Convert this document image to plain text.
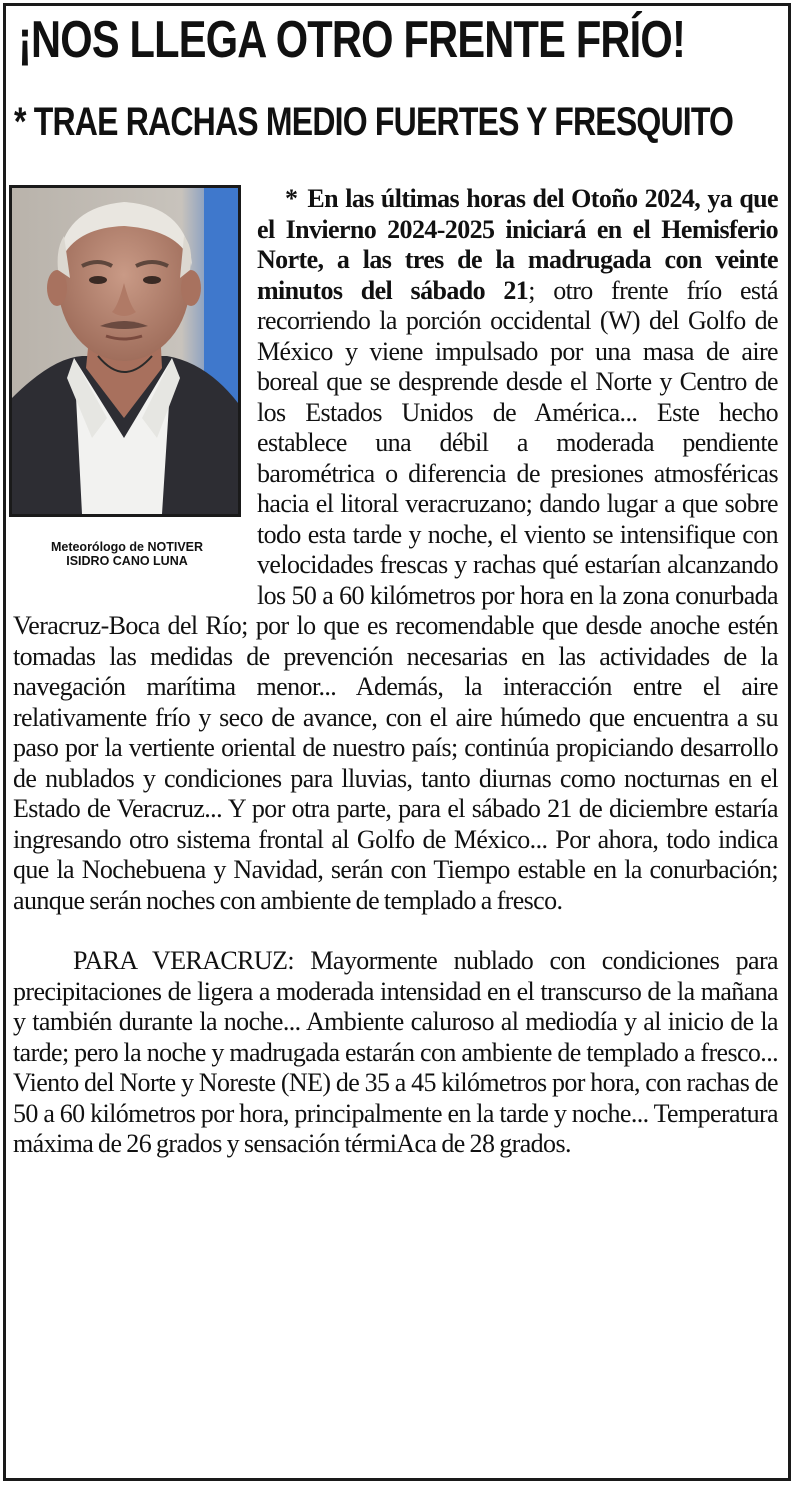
¡NOS LLEGA OTRO FRENTE FRÍO!
* TRAE RACHAS MEDIO FUERTES Y FRESQUITO
Meteorólogo de NOTIVER
ISIDRO CANO LUNA

* En las últimas horas del Otoño 2024, ya que el Invierno 2024-2025 iniciará en el Hemisferio Norte, a las tres de la madrugada con veinte minutos del sábado 21; otro frente frío está recorriendo la porción occidental (W) del Golfo de México y viene impulsado por una masa de aire boreal que se desprende desde el Norte y Centro de los Estados Unidos de América... Este hecho establece una débil a moderada pendiente barométrica o diferencia de presiones atmosféricas hacia el litoral veracruzano; dando lugar a que sobre todo esta tarde y noche, el viento se intensifique con velocidades frescas y rachas qué estarían alcanzando los 50 a 60 kilómetros por hora en la zona conurbada Veracruz-Boca del Río; por lo que es recomendable que desde anoche estén tomadas las medidas de prevención necesarias en las actividades de la navegación marítima menor... Además, la interacción entre el aire relativamente frío y seco de avance, con el aire húmedo que encuentra a su paso por la vertiente oriental de nuestro país; continúa propiciando desarrollo de nublados y condiciones para lluvias, tanto diurnas como nocturnas en el Estado de Veracruz... Y por otra parte, para el sábado 21 de diciembre estaría ingresando otro sistema frontal al Golfo de México... Por ahora, todo indica que la Nochebuena y Navidad, serán con Tiempo estable en la conurbación; aunque serán noches con ambiente de templado a fresco.

PARA VERACRUZ: Mayormente nublado con condiciones para precipitaciones de ligera a moderada intensidad en el transcurso de la mañana y también durante la noche... Ambiente caluroso al mediodía y al inicio de la tarde; pero la noche y madrugada estarán con ambiente de templado a fresco... Viento del Norte y Noreste (NE) de 35 a 45 kilómetros por hora, con rachas de 50 a 60 kilómetros por hora, principalmente en la tarde y noche... Temperatura máxima de 26 grados y sensación térmiAca de 28 grados.
